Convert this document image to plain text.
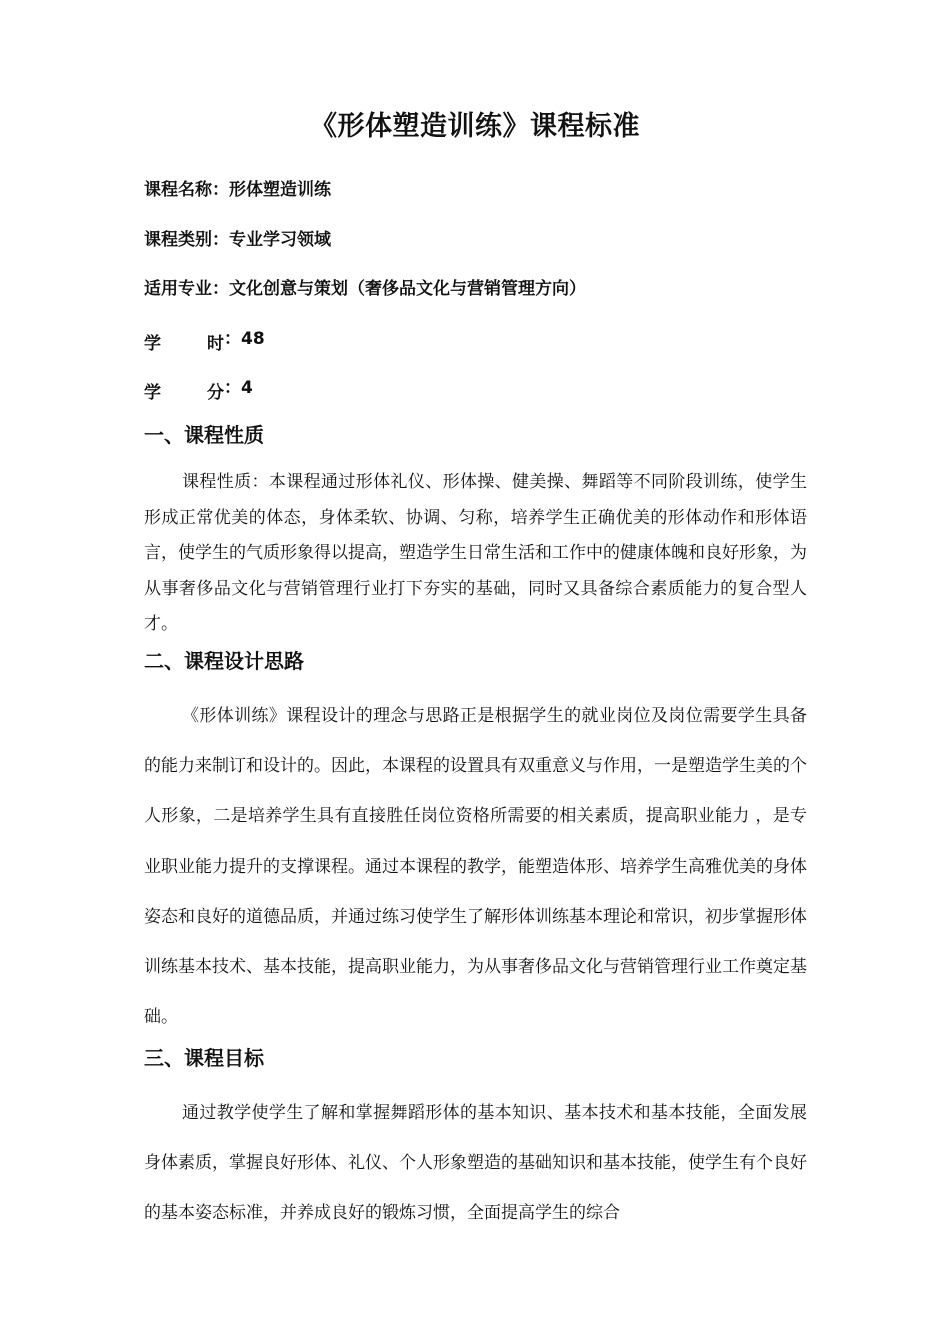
《形体塑造训练》课程标准
课程名称：形体塑造训练
课程类别：专业学习领域
适用专业：文化创意与策划（奢侈品文化与营销管理方向）
学	时 ：48
学	分 ：4
一、课程性质

课程性质：本课程通过形体礼仪、形体操、健美操、舞蹈等不同阶段训练，使学生形成正常优美的体态，身体柔软、协调、匀称，培养学生正确优美的形体动作和形体语言，使学生的气质形象得以提高，塑造学生日常生活和工作中的健康体魄和良好形象，为从事奢侈品文化与营销管理行业打下夯实的基础，同时又具备综合素质能力的复合型人才。

二、课程设计思路

《形体训练》课程设计的理念与思路正是根据学生的就业岗位及岗位需要学生具备的能力来制订和设计的。因此，本课程的设置具有双重意义与作用，一是塑造学生美的个人形象，二是培养学生具有直接胜任岗位资格所需要的相关素质，提高职业能力 ，是专业职业能力提升的支撑课程。通过本课程的教学，能塑造体形、培养学生高雅优美的身体姿态和良好的道德品质，并通过练习使学生了解形体训练基本理论和常识，初步掌握形体训练基本技术、基本技能，提高职业能力，为从事奢侈品文化与营销管理行业工作奠定基础。

三、课程目标

通过教学使学生了解和掌握舞蹈形体的基本知识、基本技术和基本技能，全面发展身体素质，掌握良好形体、礼仪、个人形象塑造的基础知识和基本技能，使学生有个良好的基本姿态标准，并养成良好的锻炼习惯，全面提高学生的综合
